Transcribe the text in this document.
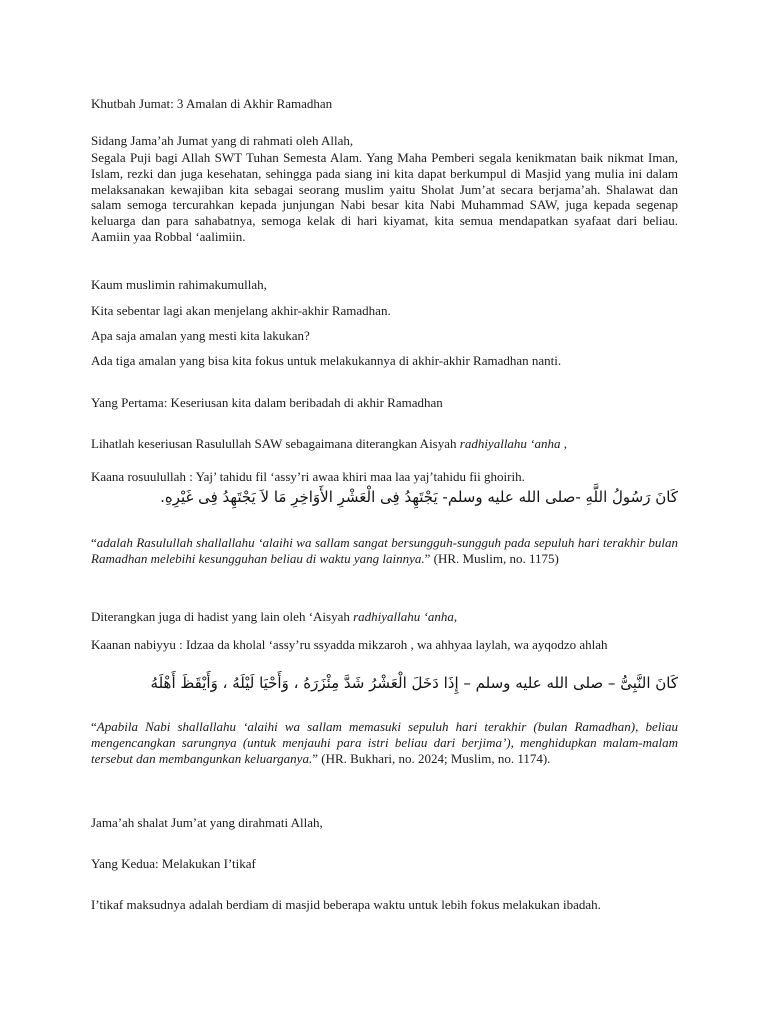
Khutbah Jumat: 3 Amalan di Akhir Ramadhan
Sidang Jama’ah Jumat yang di rahmati oleh Allah,
Segala Puji bagi Allah SWT Tuhan Semesta Alam. Yang Maha Pemberi segala kenikmatan baik nikmat Iman, Islam, rezki dan juga kesehatan, sehingga pada siang ini kita dapat berkumpul di Masjid yang mulia ini dalam melaksanakan kewajiban kita sebagai seorang muslim yaitu Sholat Jum’at secara berjama’ah. Shalawat dan salam semoga tercurahkan kepada junjungan Nabi besar kita Nabi Muhammad SAW, juga kepada segenap keluarga dan para sahabatnya, semoga kelak di hari kiyamat, kita semua mendapatkan syafaat dari beliau. Aamiin yaa Robbal ‘aalimiin.
Kaum muslimin rahimakumullah,
Kita sebentar lagi akan menjelang akhir-akhir Ramadhan.
Apa saja amalan yang mesti kita lakukan?
Ada tiga amalan yang bisa kita fokus untuk melakukannya di akhir-akhir Ramadhan nanti.
Yang Pertama: Keseriusan kita dalam beribadah di akhir Ramadhan
Lihatlah keseriusan Rasulullah SAW sebagaimana diterangkan Aisyah radhiyallahu ‘anha ,
Kaana rosuulullah : Yaj’ tahidu fil ‘assy’ri awaa khiri maa laa yaj’tahidu fii ghoirih.
كَانَ رَسُولُ اللَّهِ -صلى الله عليه وسلم- يَجْتَهِدُ فِى الْعَشْرِ الأَوَاخِرِ مَا لاَ يَجْتَهِدُ فِى غَيْرِهِ.
“adalah Rasulullah shallallahu ‘alaihi wa sallam sangat bersungguh-sungguh pada sepuluh hari terakhir bulan Ramadhan melebihi kesungguhan beliau di waktu yang lainnya.” (HR. Muslim, no. 1175)
Diterangkan juga di hadist yang lain oleh ‘Aisyah radhiyallahu ‘anha,
Kaanan nabiyyu : Idzaa da kholal ‘assy’ru ssyadda mikzaroh , wa ahhyaa laylah, wa ayqodzo ahlah
كَانَ النَّبِىُّ – صلى الله عليه وسلم – إِذَا دَخَلَ الْعَشْرُ شَدَّ مِئْزَرَهُ ، وَأَحْيَا لَيْلَهُ ، وَأَيْقَظَ أَهْلَهُ
“Apabila Nabi shallallahu ‘alaihi wa sallam memasuki sepuluh hari terakhir (bulan Ramadhan), beliau mengencangkan sarungnya (untuk menjauhi para istri beliau dari berjima’), menghidupkan malam-malam tersebut dan membangunkan keluarganya.” (HR. Bukhari, no. 2024; Muslim, no. 1174).
Jama’ah shalat Jum’at yang dirahmati Allah,
Yang Kedua: Melakukan I’tikaf
I’tikaf maksudnya adalah berdiam di masjid beberapa waktu untuk lebih fokus melakukan ibadah.
